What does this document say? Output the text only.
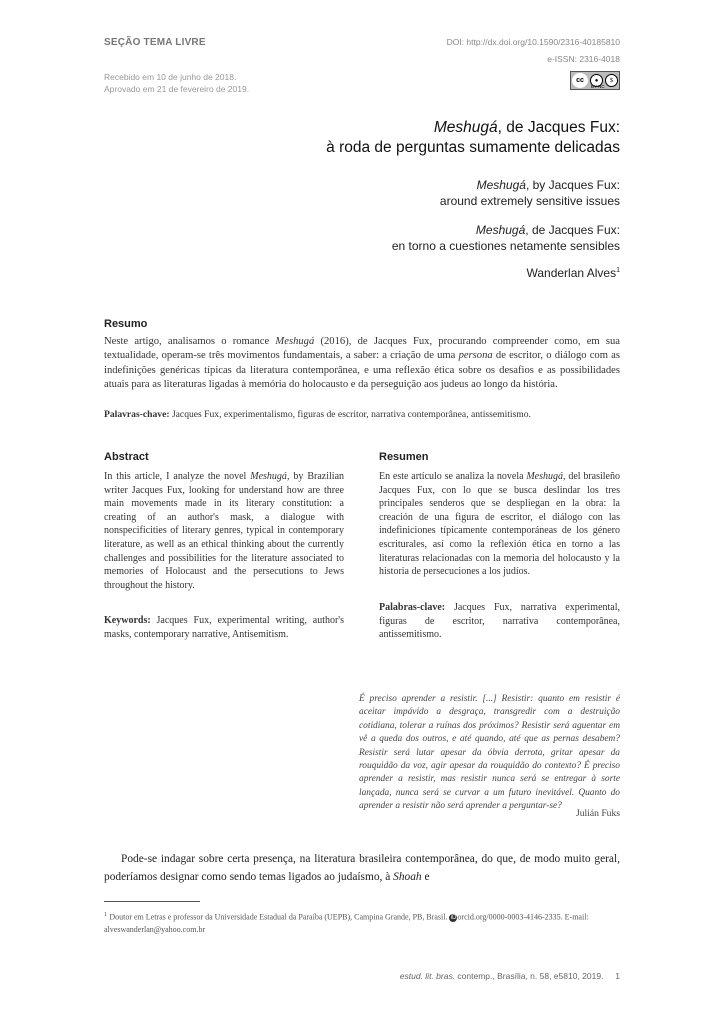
SEÇÃO TEMA LIVRE	DOI: http://dx.doi.org/10.1590/2316-40185810
e-ISSN: 2316-4018
cc	●	$
BY NC
Recebido em 10 de junho de 2018.
Aprovado em 21 de fevereiro de 2019.
Meshugá, de Jacques Fux:
à roda de perguntas sumamente delicadas
Meshugá, by Jacques Fux:
around extremely sensitive issues
Meshugá, de Jacques Fux:
en torno a cuestiones netamente sensibles
Wanderlan Alves$^1$
Resumo
Neste artigo, analisamos o romance Meshugá (2016), de Jacques Fux, procurando compreender como, em sua textualidade, operam-se três movimentos fundamentais, a saber: a criação de uma persona de escritor, o diálogo com as indefinições genéricas típicas da literatura contemporânea, e uma reflexão ética sobre os desafios e as possibilidades atuais para as literaturas ligadas à memória do holocausto e da perseguição aos judeus ao longo da história.
Palavras-chave: Jacques Fux, experimentalismo, figuras de escritor, narrativa contemporânea, antissemitismo.
Abstract
In this article, I analyze the novel Meshugá, by Brazilian writer Jacques Fux, looking for understand how are three main movements made in its literary constitution: a creating of an author's mask, a dialogue with nonspecificities of literary genres, typical in contemporary literature, as well as an ethical thinking about the currently challenges and possibilities for the literature associated to memories of Holocaust and the persecutions to Jews throughout the history.
Keywords: Jacques Fux, experimental writing, author's masks, contemporary narrative, Antisemitism.
Resumen
En este artículo se analiza la novela Meshugá, del brasileño Jacques Fux, con lo que se busca deslindar los tres principales senderos que se despliegan en la obra: la creación de una figura de escritor, el diálogo con las indefiniciones típicamente contemporáneas de los género escriturales, así como la reflexión ética en torno a las literaturas relacionadas con la memoria del holocausto y la historia de persecuciones a los judíos.
Palabras-clave: Jacques Fux, narrativa experimental, figuras de escritor, narrativa contemporânea, antissemitismo.
É preciso aprender a resistir. [...] Resistir: quanto em resistir é aceitar impávido a desgraça, transgredir com a destruição cotidiana, tolerar a ruínas dos próximos? Resistir será aguentar em vê a queda dos outros, e até quando, até que as pernas desabem? Resistir será lutar apesar da óbvia derrota, gritar apesar da rouquidão da voz, agir apesar da rouquidão do contexto? É preciso aprender a resistir, mas resistir nunca será se entregar à sorte lançada, nunca será se curvar a um futuro inevitável. Quanto do aprender a resistir não será aprender a perguntar-se?
Julián Fuks
Pode-se indagar sobre certa presença, na literatura brasileira contemporânea, do que, de modo muito geral, poderíamos designar como sendo temas ligados ao judaísmo, à Shoah e
$^1$ Doutor em Letras e professor da Universidade Estadual da Paraíba (UEPB), Campina Grande, PB, Brasil. iDorcid.org/0000-0003-4146-2335. E-mail: alveswanderlan@yahoo.com.br
estud. lit. bras. contemp., Brasília, n. 58, e5810, 2019. 1
